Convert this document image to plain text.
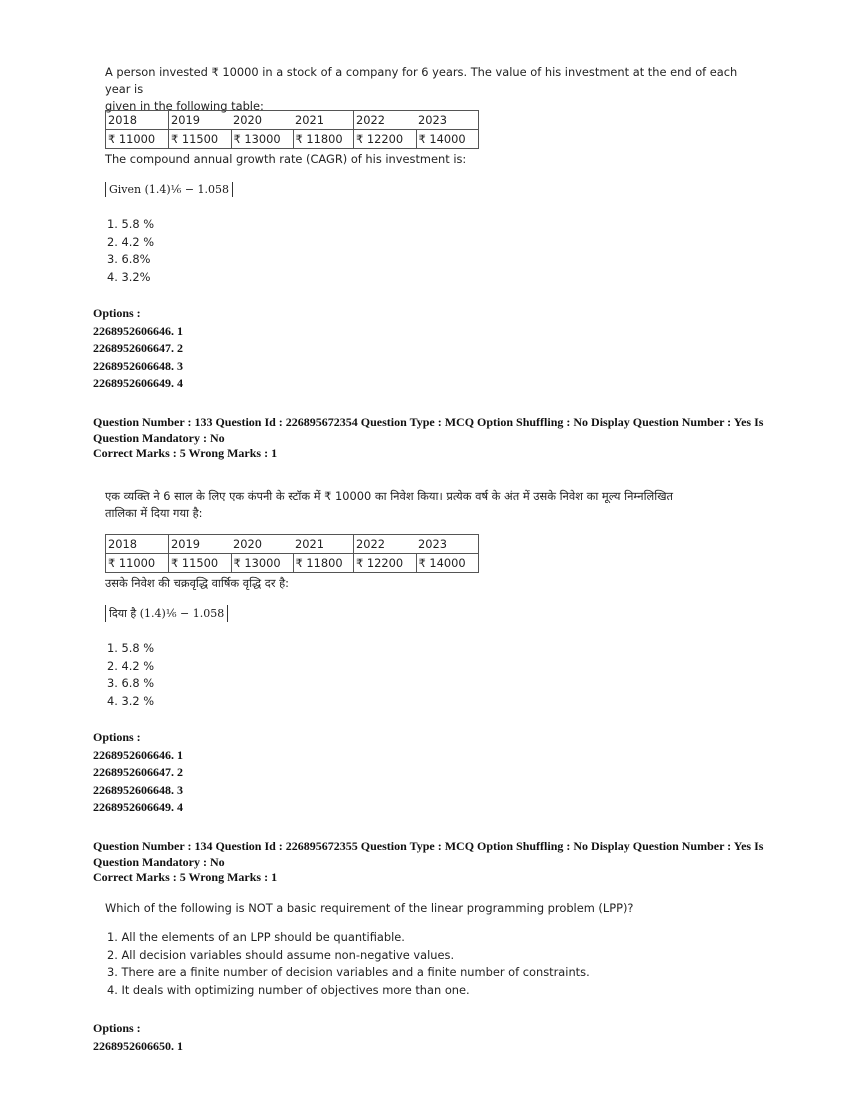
A person invested ₹ 10000 in a stock of a company for 6 years. The value of his investment at the end of each year is
given in the following table:
2018	2019	2020	2021	2022	2023
₹ 11000	₹ 11500	₹ 13000	₹ 11800	₹ 12200	₹ 14000
The compound annual growth rate (CAGR) of his investment is:
Given (1.4)¹⁄₆ − 1.058
1. 5.8 %
2. 4.2 %
3. 6.8%
4. 3.2%
Options :
2268952606646. 1
2268952606647. 2
2268952606648. 3
2268952606649. 4
Question Number : 133 Question Id : 226895672354 Question Type : MCQ Option Shuffling : No Display Question Number : Yes Is
Question Mandatory : No
Correct Marks : 5 Wrong Marks : 1
एक व्यक्ति ने 6 साल के लिए एक कंपनी के स्टॉक में ₹ 10000 का निवेश किया। प्रत्येक वर्ष के अंत में उसके निवेश का मूल्य निम्नलिखित
तालिका में दिया गया है:
2018	2019	2020	2021	2022	2023
₹ 11000	₹ 11500	₹ 13000	₹ 11800	₹ 12200	₹ 14000
उसके निवेश की चक्रवृद्धि वार्षिक वृद्धि दर है:
दिया है (1.4)¹⁄₆ − 1.058
1. 5.8 %
2. 4.2 %
3. 6.8 %
4. 3.2 %
Options :
2268952606646. 1
2268952606647. 2
2268952606648. 3
2268952606649. 4
Question Number : 134 Question Id : 226895672355 Question Type : MCQ Option Shuffling : No Display Question Number : Yes Is
Question Mandatory : No
Correct Marks : 5 Wrong Marks : 1
Which of the following is NOT a basic requirement of the linear programming problem (LPP)?
1. All the elements of an LPP should be quantifiable.
2. All decision variables should assume non-negative values.
3. There are a finite number of decision variables and a finite number of constraints.
4. It deals with optimizing number of objectives more than one.
Options :
2268952606650. 1
